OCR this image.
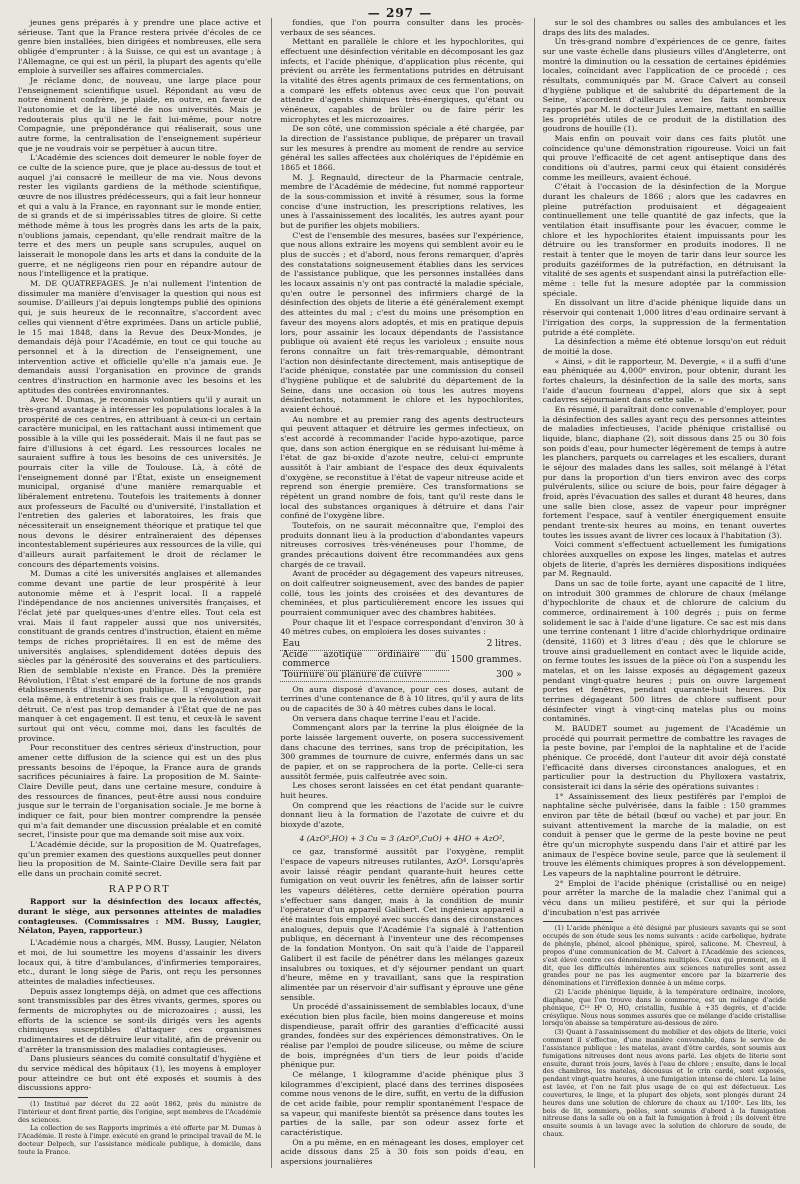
— 297 —

jeunes gens préparés à y prendre une place active et sérieuse. Tant que la France restera privée d'écoles de ce genre bien installées, bien dirigées et nombreuses, elle sera obligée d'emprunter : à la Suisse, ce qui est un avantage ; à l'Allemagne, ce qui est un péril, la plupart des agents qu'elle emploie à surveiller ses affaires commerciales.

Je réclame donc, de nouveau, une large place pour l'enseignement scientifique usuel. Répondant au vœu de notre éminent confrère, je plaide, en outre, en faveur de l'autonomie et de la liberté de nos universités. Mais je redouterais plus qu'il ne le fait lui-même, pour notre Compagnie, une prépondérance qui réaliserait, sous une autre forme, la centralisation de l'enseignement supérieur que je ne voudrais voir se perpétuer à aucun titre.

L'Académie des sciences doit demeurer le noble foyer de ce culte de la science pure, que je place au-dessus de tout et auquel j'ai consacré le meilleur de ma vie. Nous devons rester les vigilants gardiens de la méthode scientifique, œuvre de nos illustres prédécesseurs, qui a fait leur honneur et qui a valu à la France, en rayonnant sur le monde entier, de si grands et de si impérissables titres de gloire. Si cette méthode même à tous les progrès dans les arts de la paix, n'oublions jamais, cependant, qu'elle rendrait maître de la terre et des mers un peuple sans scrupules, auquel on laisserait le monopole dans les arts et dans la conduite de la guerre, et ne négligeons rien pour en répandre autour de nous l'intelligence et la pratique.

M. DE QUATREFAGES. Je n'ai nullement l'intention de dissimuler ma manière d'envisager la question qui nous est soumise. D'ailleurs j'ai depuis longtemps publié des opinions qui, je suis heureux de le reconnaître, s'accordent avec celles qui viennent d'être exprimées. Dans un article publié, le 15 mai 1848, dans la Revue des Deux-Mondes, je demandais déjà pour l'Académie, en tout ce qui touche au personnel et à la direction de l'enseignement, une intervention active et officielle qu'elle n'a jamais eue. Je demandais aussi l'organisation en province de grands centres d'instruction en harmonie avec les besoins et les aptitudes des contrées environnantes.

Avec M. Dumas, je reconnais volontiers qu'il y aurait un très-grand avantage à intéresser les populations locales à la prospérité de ces centres, en attribuant à ceux-ci un certain caractère municipal, en les rattachant aussi intimement que possible à la ville qui les posséderait. Mais il ne faut pas se faire d'illusions à cet égard. Les ressources locales ne sauraient suffire à tous les besoins de ces universités. Je pourrais citer la ville de Toulouse. Là, à côté de l'enseignement donné par l'État, existe un enseignement municipal, organisé d'une manière remarquable et libéralement entretenu. Toutefois les traitements à donner aux professeurs de Faculté ou d'université, l'installation et l'entretien des galeries et laboratoires, les frais que nécessiterait un enseignement théorique et pratique tel que nous devons le désirer entraîneraient des dépenses incontestablement supérieures aux ressources de la ville, qui d'ailleurs aurait parfaitement le droit de réclamer le concours des départements voisins.

M. Dumas a cité les universités anglaises et allemandes comme devant une partie de leur prospérité à leur autonomie même et à l'esprit local. Il a rappelé l'indépendance de nos anciennes universités françaises, et l'éclat jeté par quelques-unes d'entre elles. Tout cela est vrai. Mais il faut rappeler aussi que nos universités, constituant de grands centres d'instruction, étaient en même temps de riches propriétaires. Il en est de même des universités anglaises, splendidement dotées depuis des siècles par la générosité des souverains et des particuliers. Rien de semblable n'existe en France. Dès la première Révolution, l'État s'est emparé de la fortune de nos grands établissements d'instruction publique. Il s'engageait, par cela même, à entretenir à ses frais ce que la révolution avait détruit. Ce n'est pas trop demander à l'État que de ne pas manquer à cet engagement. Il est tenu, et ceux-là le savent surtout qui ont vécu, comme moi, dans les facultés de province.

Pour reconstituer des centres sérieux d'instruction, pour amener cette diffusion de la science qui est un des plus pressants besoins de l'époque, la France aura de grands sacrifices pécuniaires à faire. La proposition de M. Sainte-Claire Deville peut, dans une certaine mesure, conduire à des ressources de finances, peut-être aussi nous conduire jusque sur le terrain de l'organisation sociale. Je me borne à indiquer ce fait, pour bien montrer comprendre la pensée qui m'a fait demander une discussion préalable et en comité secret, l'insiste pour que ma demande soit mise aux voix.

L'Académie décide, sur la proposition de M. Quatrefages, qu'un premier examen des questions auxquelles peut donner lieu la proposition de M. Sainte-Claire Deville sera fait par elle dans un prochain comité secret.

RAPPORT

Rapport sur la désinfection des locaux affectés, durant le siège, aux personnes atteintes de maladies contagieuses. (Commissaires : MM. Bussy, Laugier, Nélaton, Payen, rapporteur.)

L'Académie nous a chargés, MM. Bussy, Laugier, Nélaton et moi, de lui soumettre les moyens d'assainir les divers locaux qui, à titre d'ambulances, d'infirmeries temporaires, etc., durant le long siège de Paris, ont reçu les personnes atteintes de maladies infectieuses.

Depuis assez longtemps déjà, on admet que ces affections sont transmissibles par des êtres vivants, germes, spores ou ferments de microphytes ou de microzoaires ; aussi, les efforts de la science se sont-ils dirigés vers les agents chimiques susceptibles d'attaquer ces organismes rudimentaires et de détruire leur vitalité, afin de prévenir ou d'arrêter la transmission des maladies contagieuses.

Dans plusieurs séances du comité consultatif d'hygiène et du service médical des hôpitaux (1), les moyens à employer pour atteindre ce but ont été exposés et soumis à des discussions appro-

(1) Institué par décret du 22 août 1862, près du ministre de l'intérieur et dont firent partie, dès l'origine, sept membres de l'Académie des sciences.

La collection de ses Rapports imprimés a été offerte par M. Dumas à l'Académie. Il reste à l'impr. exécuté en grand le principal travail de M. le docteur Delpech, sur l'assistance médicale publique, à domicile, dans toute la France.

fondies, que l'on pourra consulter dans les procès-verbaux de ses séances.

Mettant en parallèle le chlore et les hypochlorites, qui effectuent une désinfection véritable en décomposant les gaz infects, et l'acide phénique, d'application plus récente, qui prévient ou arrête les fermentations putrides en détruisant la vitalité des êtres agents primaux de ces fermentations, on a comparé les effets obtenus avec ceux que l'on pouvait attendre d'agents chimiques très-énergiques, qu'étant ou vénéneux, capables de brûler ou de faire périr les microphytes et les microzoaires.

De son côté, une commission spéciale a été chargée, par la direction de l'assistance publique, de préparer un travail sur les mesures à prendre au moment de rendre au service général les salles affectées aux cholériques de l'épidémie en 1865 et 1866.

M. J. Regnauld, directeur de la Pharmacie centrale, membre de l'Académie de médecine, fut nommé rapporteur de la sous-commission et invité à résumer, sous la forme concise d'une instruction, les prescriptions relatives, les unes à l'assainissement des localités, les autres ayant pour but de purifier les objets mobiliers.

C'est de l'ensemble des mesures, basées sur l'expérience, que nous allons extraire les moyens qui semblent avoir eu le plus de succès ; et d'abord, nous ferons remarquer, d'après des constatations soigneusement établies dans les services de l'assistance publique, que les personnes installées dans les locaux assainis n'y ont pas contracté la maladie spéciale, qu'en outre le personnel des infirmiers chargé de la désinfection des objets de literie a été généralement exempt des atteintes du mal ; c'est du moins une présomption en faveur des moyens alors adoptés, et mis en pratique depuis lors, pour assainir les locaux dépendants de l'assistance publique où avaient été reçus les varioleux ; ensuite nous ferons connaître un fait très-remarquable, démontrant l'action non désinfectante directement, mais antiseptique de l'acide phénique, constatée par une commission du conseil d'hygiène publique et de salubrité du département de la Seine, dans une occasion où tous les autres moyens désinfectants, notamment le chlore et les hypochlorites, avaient échoué.

Au nombre et au premier rang des agents destructeurs qui peuvent attaquer et détruire les germes infectieux, on s'est accordé à recommander l'acide hypo-azotique, parce que, dans son action énergique en se réduisant lui-même à l'état de gaz bi-oxide d'azote neutre, celui-ci emprunte aussitôt à l'air ambiant de l'espace des deux équivalents d'oxygène, se reconstitue à l'état de vapeur nitreuse acide et reprend son énergie première. Ces transformations se répètent un grand nombre de fois, tant qu'il reste dans le local des substances organiques à détruire et dans l'air confiné de l'oxygène libre.

Toutefois, on ne saurait méconnaître que, l'emploi des produits donnant lieu à la production d'abondantes vapeurs nitreuses corrosives très-vénéneuses pour l'homme, de grandes précautions doivent être recommandées aux gens chargés de ce travail.

Avant de procéder au dégagement des vapeurs nitreuses, on doit calfeutrer soigneusement, avec des bandes de papier collé, tous les joints des croisées et des devantures de cheminées, et plus particulièrement encore les issues qui pourraient communiquer avec des chambres habitées.

Pour chaque lit et l'espace correspondant d'environ 30 à 40 mètres cubes, on emploiera les doses suivantes :

Eau	2 litres.
Acide azotique ordinaire du commerce	1500 grammes.
Tournure ou planure de cuivre	300 »

On aura disposé d'avance, pour ces doses, autant de terrines d'une contenance de 8 à 10 litres, qu'il y aura de lits ou de capacités de 30 à 40 mètres cubes dans le local.

On versera dans chaque terrine l'eau et l'acide.

Commençant alors par la terrine la plus éloignée de la porte laissée largement ouverte, on posera successivement dans chacune des terrines, sans trop de précipitation, les 300 grammes de tournure de cuivre, enfermés dans un sac de papier, et on se rapprochera de la porte. Celle-ci sera aussitôt fermée, puis calfeutrée avec soin.

Les choses seront laissées en cet état pendant quarante-huit heures.

On comprend que les réactions de l'acide sur le cuivre donnant lieu à la formation de l'azotate de cuivre et du bioxyde d'azote,

4 (AzO⁵,HO) + 3 Cu = 3 (AzO⁵,CuO) + 4HO + AzO²,

ce gaz, transformé aussitôt par l'oxygène, remplit l'espace de vapeurs nitreuses rutilantes, AzO⁴. Lorsqu'après avoir laissé réagir pendant quarante-huit heures cette fumigation on veut ouvrir les fenêtres, afin de laisser sortir les vapeurs délétères, cette dernière opération pourra s'effectuer sans danger, mais à la condition de munir l'opérateur d'un appareil Galibert. Cet ingénieux appareil a été maintes fois employé avec succès dans des circonstances analogues, depuis que l'Académie l'a signalé à l'attention publique, en décernant à l'inventeur une des récompenses de la fondation Montyon. On sait qu'à l'aide de l'appareil Galibert il est facile de pénétrer dans les mélanges gazeux insalubres ou toxiques, et d'y séjourner pendant un quart d'heure, même en y travaillant, sans que la respiration alimentée par un réservoir d'air suffisant y éprouve une gêne sensible.

Un procédé d'assainissement de semblables locaux, d'une exécution bien plus facile, bien moins dangereuse et moins dispendieuse, paraît offrir des garanties d'efficacité aussi grandes, fondées sur des expériences démonstratives. On le réalise par l'emploi de poudre siliceuse, ou même de sciure de bois, imprégnées d'un tiers de leur poids d'acide phénique pur.

Ce mélange, 1 kilogramme d'acide phénique plus 3 kilogrammes d'excipient, placé dans des terrines disposées comme nous venons de le dire, suffit, en vertu de la diffusion de cet acide faible, pour remplir spontanément l'espace de sa vapeur, qui manifeste bientôt sa présence dans toutes les parties de la salle, par son odeur assez forte et caractéristique.

On a pu même, en en ménageant les doses, employer cet acide dissous dans 25 à 30 fois son poids d'eau, en aspersions journalières

sur le sol des chambres ou salles des ambulances et les draps des lits des malades.

Un très-grand nombre d'expériences de ce genre, faites sur une vaste échelle dans plusieurs villes d'Angleterre, ont montré la diminution ou la cessation de certaines épidémies locales, coïncidant avec l'application de ce procédé ; ces résultats, communiqués par M. Grace Calvert au conseil d'hygiène publique et de salubrité du département de la Seine, s'accordent d'ailleurs avec les faits nombreux rapportés par M. le docteur Jules Lemaire, mettant en saillie les propriétés utiles de ce produit de la distillation des goudrons de houille (1).

Mais enfin on pouvait voir dans ces faits plutôt une coïncidence qu'une démonstration rigoureuse. Voici un fait qui prouve l'efficacité de cet agent antiseptique dans des conditions où d'autres, parmi ceux qui étaient considérés comme les meilleurs, avaient échoué.

C'était à l'occasion de la désinfection de la Morgue durant les chaleurs de 1866 ; alors que les cadavres en pleine putréfaction produisaient et dégageaient continuellement une telle quantité de gaz infects, que la ventilation était insuffisante pour les évacuer, comme le chlore et les hypochlorites étaient impuissants pour les détruire ou les transformer en produits inodores. Il ne restait à tenter que le moyen de tarir dans leur source les produits gazéiformes de la putréfaction, en détruisant la vitalité de ses agents et suspendant ainsi la putréfaction elle-même : telle fut la mesure adoptée par la commission spéciale.

En dissolvant un litre d'acide phénique liquide dans un réservoir qui contenait 1,000 litres d'eau ordinaire servant à l'irrigation des corps, la suppression de la fermentation putride a été complète.

La désinfection a même été obtenue lorsqu'on eut réduit de moitié la dose.

« Ainsi, » dit le rapporteur, M. Devergie, « il a suffi d'une eau phéniquée au 4,000ᵉ environ, pour obtenir, durant les fortes chaleurs, la désinfection de la salle des morts, sans l'aide d'aucun fourneau d'appel, alors que six à sept cadavres séjournaient dans cette salle. »

En résumé, il paraîtrait donc convenable d'employer, pour la désinfection des salles ayant reçu des personnes atteintes de maladies infectieuses, l'acide phénique cristallisé ou liquide, blanc, diaphane (2), soit dissous dans 25 ou 30 fois son poids d'eau, pour humecter légèrement de temps à autre les planchers, parquets ou carrelages et les escaliers, durant le séjour des malades dans les salles, soit mélangé à l'état pur dans la proportion d'un tiers environ avec des corps pulvérulents, silice ou sciure de bois, pour faire dégager à froid, après l'évacuation des salles et durant 48 heures, dans une salle bien close, assez de vapeur pour imprégner fortement l'espace, sauf à ventiler énergiquement ensuite pendant trente-six heures au moins, en tenant ouvertes toutes les issues avant de livrer ces locaux à l'habitation (3).

Voici comment s'effectuent actuellement les fumigations chlorées auxquelles on expose les linges, matelas et autres objets de literie, d'après les dernières dispositions indiquées par M. Regnauld.

Dans un sac de toile forte, ayant une capacité de 1 litre, on introduit 300 grammes de chlorure de chaux (mélange d'hypochlorite de chaux et de chlorure de calcium du commerce, ordinairement à 100 degrés ; puis on ferme solidement le sac à l'aide d'une ligature. Ce sac est mis dans une terrine contenant 1 litre d'acide chlorhydrique ordinaire (densité, 1160) et 3 litres d'eau ; dès que le chlorure se trouve ainsi graduellement en contact avec le liquide acide, on ferme toutes les issues de la pièce où l'on a suspendu les matelas, et on les laisse exposés au dégagement gazeux pendant vingt-quatre heures ; puis on ouvre largement portes et fenêtres, pendant quarante-huit heures. Dix terrines dégageant 500 litres de chlore suffisent pour désinfecter vingt à vingt-cinq matelas plus ou moins contaminés.

M. BAUDET soumet au jugement de l'Académie un procédé qui pourrait permettre de combattre les ravages de la peste bovine, par l'emploi de la naphtaline et de l'acide phénique. Ce procédé, dont l'auteur dit avoir déjà constaté l'efficacité dans diverses circonstances analogues, et en particulier pour la destruction du Phylloxera vastatrix, consisterait ici dans la série des opérations suivantes :

1° Assainissement des lieux pestiférés par l'emploi de naphtaline sèche pulvérisée, dans la faible : 150 grammes environ par tête de bétail (bœuf ou vache) et par jour. En suivant attentivement la marche de la maladie, on est conduit à penser que le germe de la peste bovine ne peut être qu'un microphyte suspendu dans l'air et attiré par les animaux de l'espèce bovine seule, parce que là seulement il trouve les éléments chimiques propres à son développement. Les vapeurs de la naphtaline pourront le détruire.

2° Emploi de l'acide phénique (cristallisé ou en neige) pour arrêter la marche de la maladie chez l'animal qui a vécu dans un milieu pestiféré, et sur qui la période d'incubation n'est pas arrivée

(1) L'acide phénique a été désigné par plusieurs savants qui se sont occupés de son étude sous les noms suivants : acide carbolique, hydrate de phényle, phénol, alcool phénique, spirol, salicone. M. Chevreul, à propos d'une communication de M. Calvert à l'Académie des sciences, s'est élevé contre ces dénominations multiples. Ceux qui prennent, en il dit, que les difficultés inhérentes aux sciences naturelles sont assez grandes pour ne pas les augmenter encore par la bizarrerie des dénominations et l'irréflexion donnée à un même corps.

(2) L'acide phénique liquide, à la température ordinaire, incolore, diaphane, que l'on trouve dans le commerce, est un mélange d'acide phénique, C¹² H⁶ O, HO, cristallin, fusible à +35 degrés, et d'acide crésylique. Nous nous sommes assurés que ce mélange d'acide cristallise lorsqu'on abaisse sa température au-dessous de zéro.

(3) Quant à l'assainissement du mobilier et des objets de literie, voici comment il s'effectue, d'une manière convenable, dans le service de l'assistance publique : les matelas, avant d'être cardés, sont soumis aux fumigations nitreuses dont nous avons parlé. Les objets de literie sont ensuite, durant trois jours, lavés à l'eau de chlore ; ensuite, dans le local des chambres, les matelas, décousus et le crin cardé, sont exposés, pendant vingt-quatre heures, à une fumigation intense de chlore. La laine est lavée, et l'on ne fait plus usage de ce qui est défectueux. Les couvertures, le linge, et la plupart des objets, sont plongés durant 24 heures dans une solution de chlorure de chaux au 1/100ᵉ. Les lits, les bois de lit, sommiers, poêles, sont soumis d'abord à la fumigation nitreuse dans la salle où on a fait la fumigation à froid ; ils doivent être ensuite soumis à un lavage avec la solution de chlorure de soude, de chaux.
